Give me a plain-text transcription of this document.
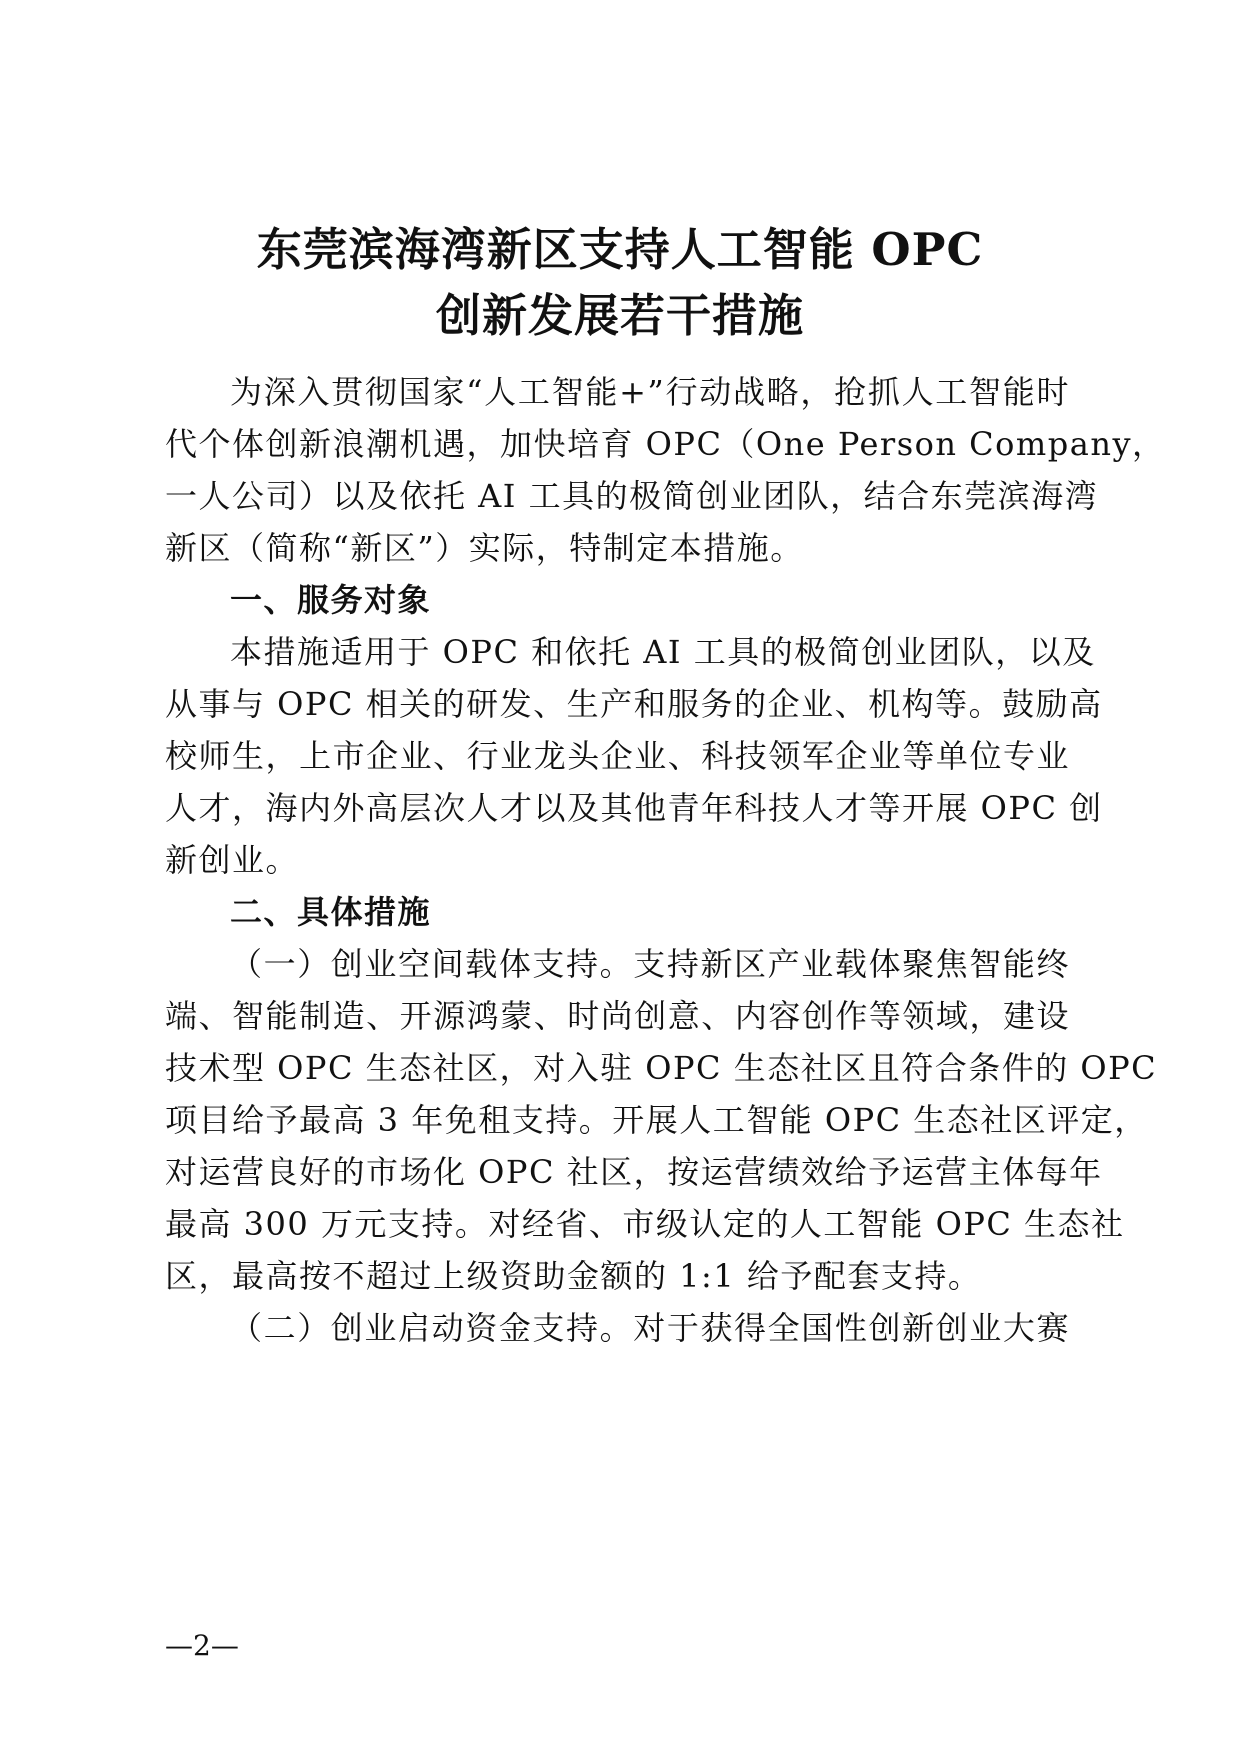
东莞滨海湾新区支持人工智能 OPC
创新发展若干措施
为深入贯彻国家“人工智能+”行动战略，抢抓人工智能时
代个体创新浪潮机遇，加快培育 OPC（One Person Company，
一人公司）以及依托 AI 工具的极简创业团队，结合东莞滨海湾
新区（简称“新区”）实际，特制定本措施。
一、服务对象
本措施适用于 OPC 和依托 AI 工具的极简创业团队，以及
从事与 OPC 相关的研发、生产和服务的企业、机构等。鼓励高
校师生，上市企业、行业龙头企业、科技领军企业等单位专业
人才，海内外高层次人才以及其他青年科技人才等开展 OPC 创
新创业。
二、具体措施
（一）创业空间载体支持。支持新区产业载体聚焦智能终
端、智能制造、开源鸿蒙、时尚创意、内容创作等领域，建设
技术型 OPC 生态社区，对入驻 OPC 生态社区且符合条件的 OPC
项目给予最高 3 年免租支持。开展人工智能 OPC 生态社区评定，
对运营良好的市场化 OPC 社区，按运营绩效给予运营主体每年
最高 300 万元支持。对经省、市级认定的人工智能 OPC 生态社
区，最高按不超过上级资助金额的 1:1 给予配套支持。
（二）创业启动资金支持。对于获得全国性创新创业大赛
—2—
